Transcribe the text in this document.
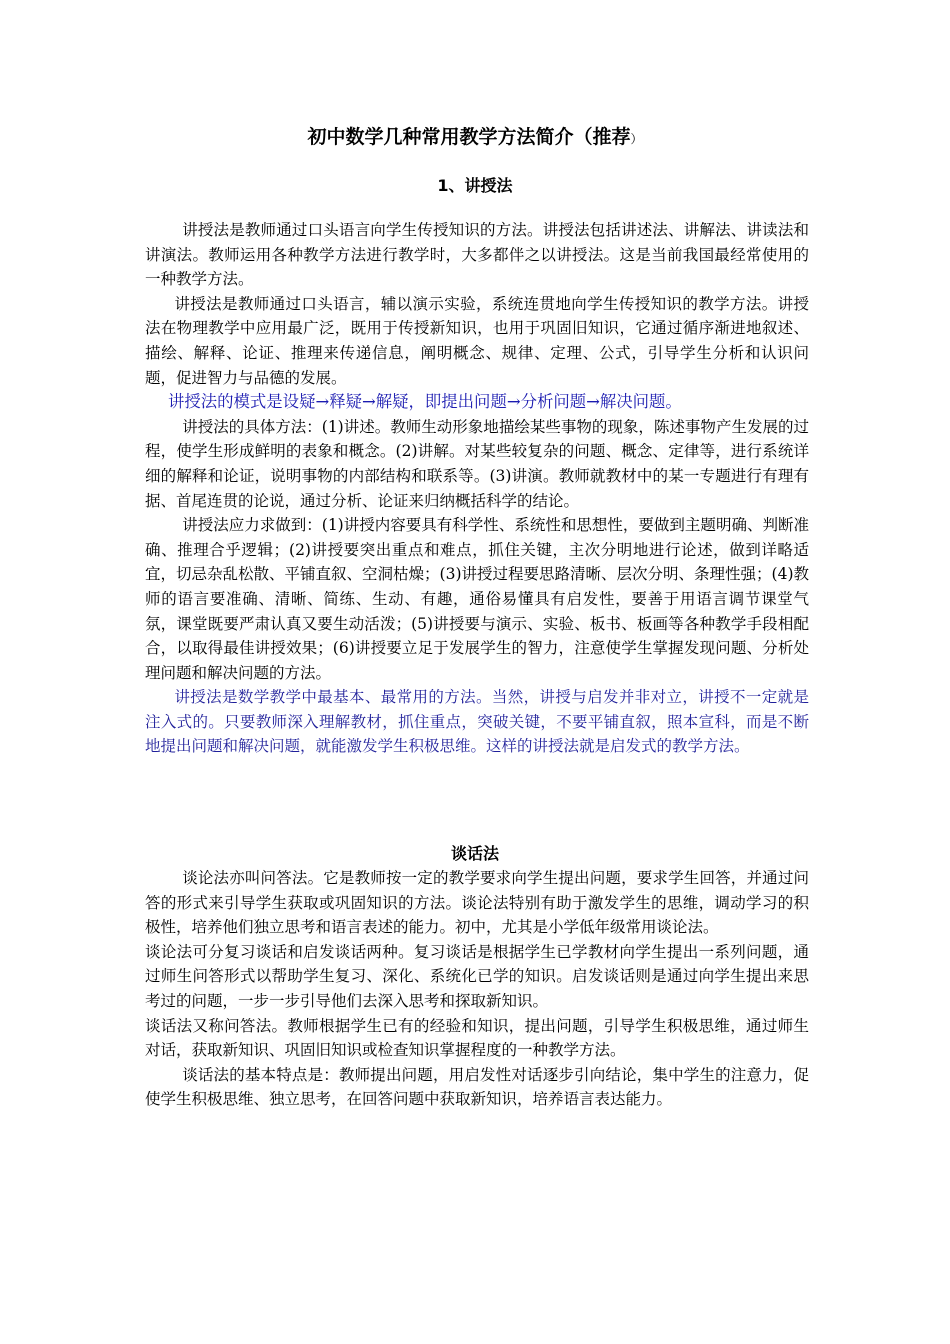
初中数学几种常用教学方法简介（推荐）
1、讲授法

讲授法是教师通过口头语言向学生传授知识的方法。讲授法包括讲述法、讲解法、讲读法和讲演法。教师运用各种教学方法进行教学时，大多都伴之以讲授法。这是当前我国最经常使用的一种教学方法。

讲授法是教师通过口头语言，辅以演示实验，系统连贯地向学生传授知识的教学方法。讲授法在物理教学中应用最广泛，既用于传授新知识，也用于巩固旧知识，它通过循序渐进地叙述、描绘、解释、论证、推理来传递信息，阐明概念、规律、定理、公式，引导学生分析和认识问题，促进智力与品德的发展。

讲授法的模式是设疑→释疑→解疑，即提出问题→分析问题→解决问题。

讲授法的具体方法：(1)讲述。教师生动形象地描绘某些事物的现象，陈述事物产生发展的过程，使学生形成鲜明的表象和概念。(2)讲解。对某些较复杂的问题、概念、定律等，进行系统详细的解释和论证，说明事物的内部结构和联系等。(3)讲演。教师就教材中的某一专题进行有理有据、首尾连贯的论说，通过分析、论证来归纳概括科学的结论。

讲授法应力求做到：(1)讲授内容要具有科学性、系统性和思想性，要做到主题明确、判断准确、推理合乎逻辑；(2)讲授要突出重点和难点，抓住关键，主次分明地进行论述，做到详略适宜，切忌杂乱松散、平铺直叙、空洞枯燥；(3)讲授过程要思路清晰、层次分明、条理性强；(4)教师的语言要准确、清晰、简练、生动、有趣，通俗易懂具有启发性，要善于用语言调节课堂气氛，课堂既要严肃认真又要生动活泼；(5)讲授要与演示、实验、板书、板画等各种教学手段相配合，以取得最佳讲授效果；(6)讲授要立足于发展学生的智力，注意使学生掌握发现问题、分析处理问题和解决问题的方法。

讲授法是数学教学中最基本、最常用的方法。当然，讲授与启发并非对立，讲授不一定就是注入式的。只要教师深入理解教材，抓住重点，突破关键，不要平铺直叙，照本宣科，而是不断地提出问题和解决问题，就能激发学生积极思维。这样的讲授法就是启发式的教学方法。

谈话法

谈论法亦叫问答法。它是教师按一定的教学要求向学生提出问题，要求学生回答，并通过问答的形式来引导学生获取或巩固知识的方法。谈论法特别有助于激发学生的思维，调动学习的积极性，培养他们独立思考和语言表述的能力。初中，尤其是小学低年级常用谈论法。

谈论法可分复习谈话和启发谈话两种。复习谈话是根据学生已学教材向学生提出一系列问题，通过师生问答形式以帮助学生复习、深化、系统化已学的知识。启发谈话则是通过向学生提出来思考过的问题，一步一步引导他们去深入思考和探取新知识。

谈话法又称问答法。教师根据学生已有的经验和知识，提出问题，引导学生积极思维，通过师生对话，获取新知识、巩固旧知识或检查知识掌握程度的一种教学方法。

谈话法的基本特点是：教师提出问题，用启发性对话逐步引向结论，集中学生的注意力，促使学生积极思维、独立思考，在回答问题中获取新知识，培养语言表达能力。
